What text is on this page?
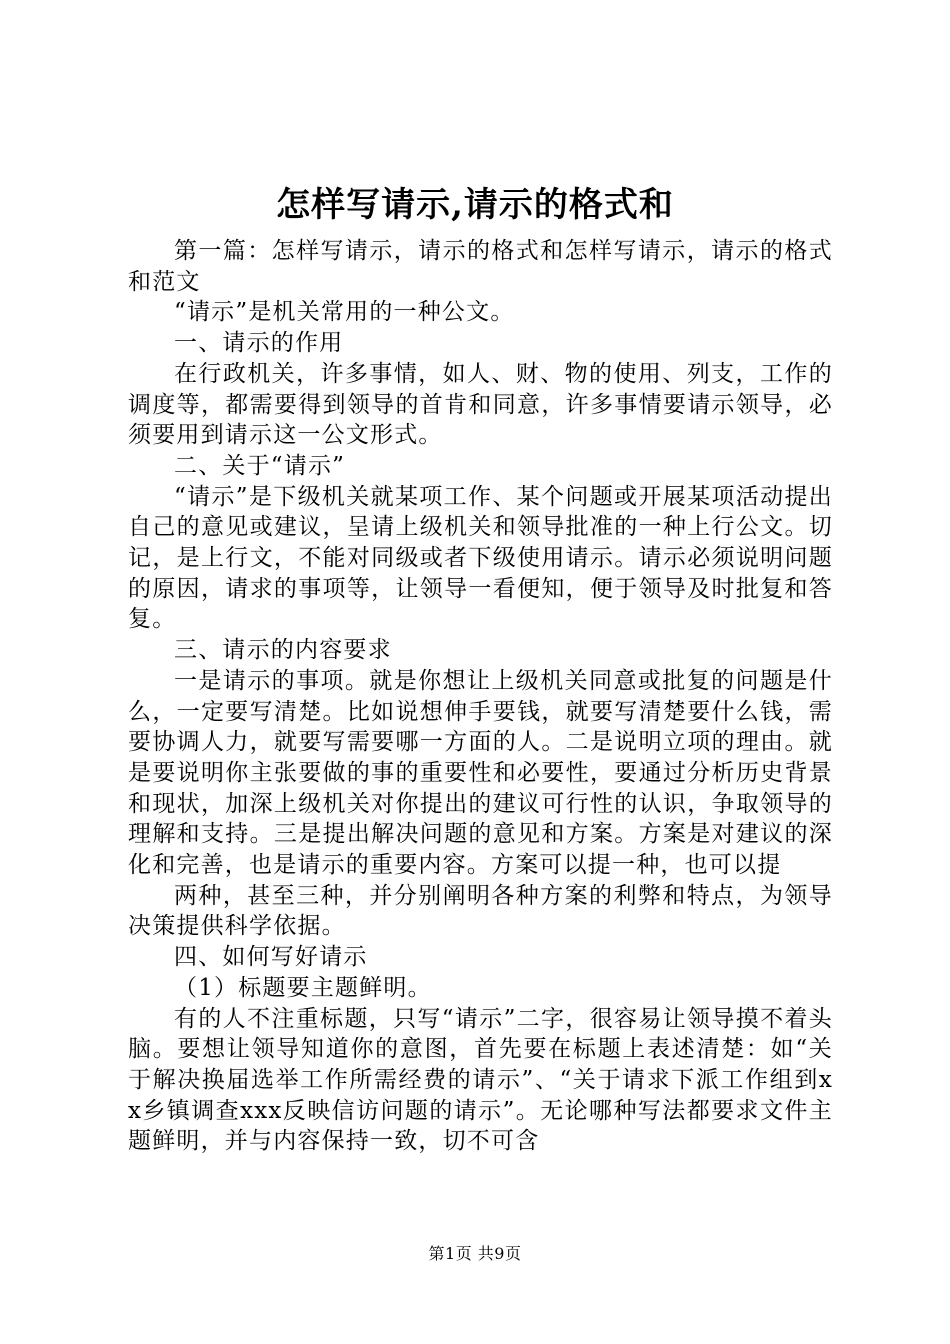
怎样写请示,请示的格式和

第一篇：怎样写请示，请示的格式和怎样写请示，请示的格式和范文

“请示”是机关常用的一种公文。

一、请示的作用

在行政机关，许多事情，如人、财、物的使用、列支，工作的调度等，都需要得到领导的首肯和同意，许多事情要请示领导，必须要用到请示这一公文形式。

二、关于“请示”

“请示”是下级机关就某项工作、某个问题或开展某项活动提出自己的意见或建议，呈请上级机关和领导批准的一种上行公文。切记，是上行文，不能对同级或者下级使用请示。请示必须说明问题的原因，请求的事项等，让领导一看便知，便于领导及时批复和答复。

三、请示的内容要求

一是请示的事项。就是你想让上级机关同意或批复的问题是什么，一定要写清楚。比如说想伸手要钱，就要写清楚要什么钱，需要协调人力，就要写需要哪一方面的人。二是说明立项的理由。就是要说明你主张要做的事的重要性和必要性，要通过分析历史背景和现状，加深上级机关对你提出的建议可行性的认识，争取领导的理解和支持。三是提出解决问题的意见和方案。方案是对建议的深化和完善，也是请示的重要内容。方案可以提一种，也可以提

两种，甚至三种，并分别阐明各种方案的利弊和特点，为领导决策提供科学依据。

四、如何写好请示

（1）标题要主题鲜明。

有的人不注重标题，只写“请示”二字，很容易让领导摸不着头脑。要想让领导知道你的意图，首先要在标题上表述清楚：如“关于解决换届选举工作所需经费的请示”、“关于请求下派工作组到xx乡镇调查xxx反映信访问题的请示”。无论哪种写法都要求文件主题鲜明，并与内容保持一致，切不可含

第1页 共9页
